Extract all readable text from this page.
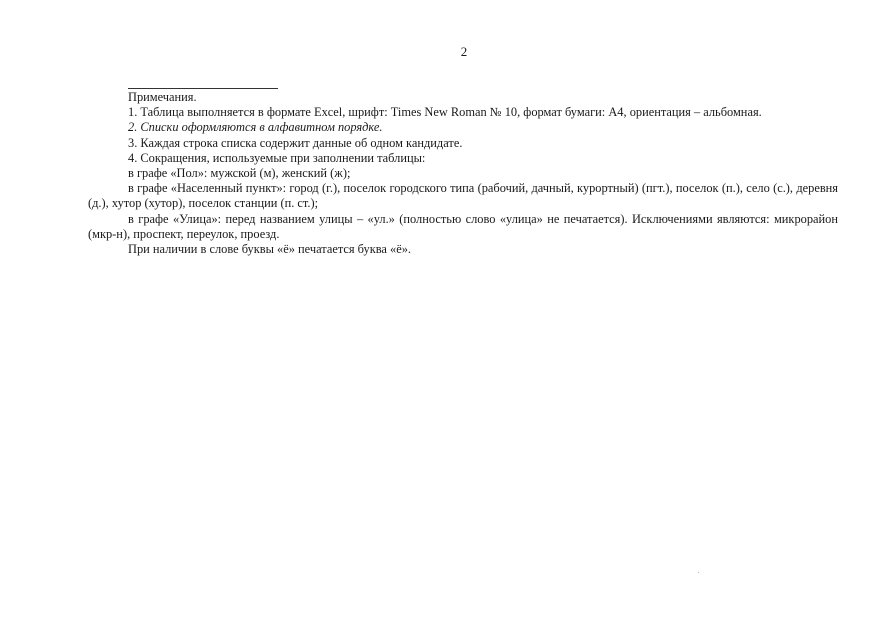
2

Примечания.

1. Таблица выполняется в формате Excel, шрифт: Times New Roman № 10, формат бумаги: А4, ориентация – альбомная.

2. Списки оформляются в алфавитном порядке.

3. Каждая строка списка содержит данные об одном кандидате.

4. Сокращения, используемые при заполнении таблицы:

в графе «Пол»: мужской (м), женский (ж);

в графе «Населенный пункт»: город (г.), поселок городского типа (рабочий, дачный, курортный) (пгт.), поселок (п.), село (с.), деревня (д.), хутор (хутор), поселок станции (п. ст.);

в графе «Улица»: перед названием улицы – «ул.» (полностью слово «улица» не печатается). Исключениями являются: микрорайон (мкр-н), проспект, переулок, проезд.

При наличии в слове буквы «ё» печатается буква «ё».
